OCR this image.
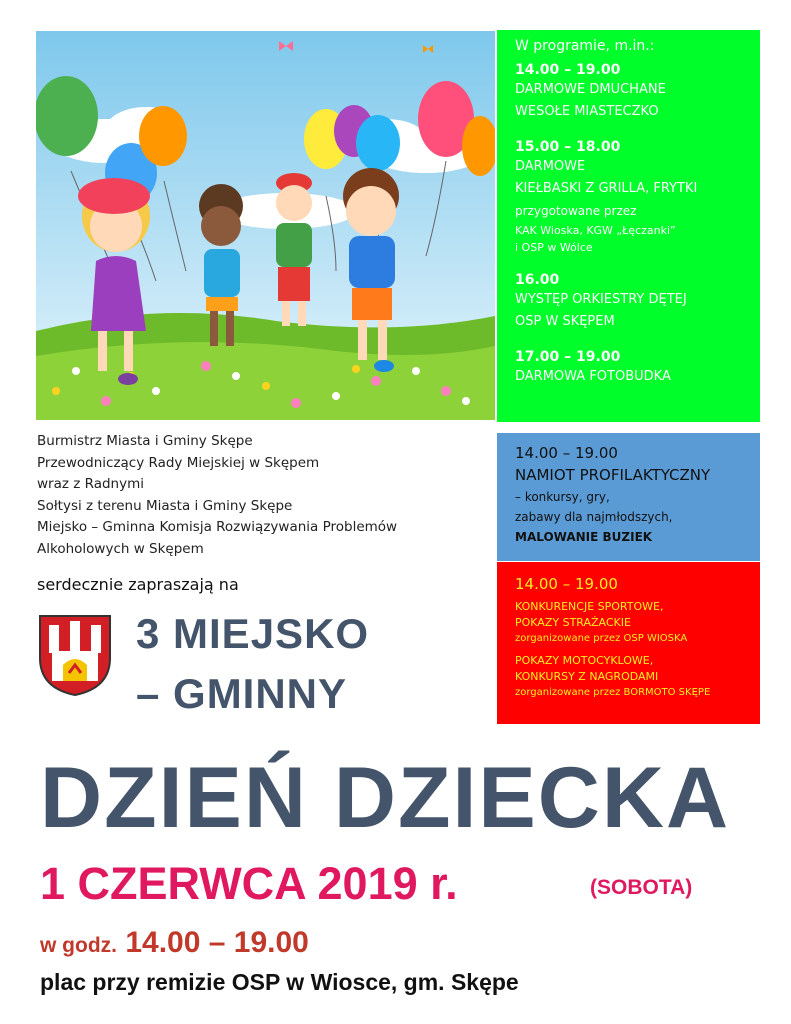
W programie, m.in.:
14.00 – 19.00
DARMOWE DMUCHANE
WESOŁE MIASTECZKO
15.00 – 18.00
DARMOWE
KIEŁBASKI Z GRILLA, FRYTKI
przygotowane przez
KAK Wioska, KGW „Łęczanki”
i OSP w Wólce
16.00
WYSTĘP ORKIESTRY DĘTEJ
OSP W SKĘPEM
17.00 – 19.00
DARMOWA FOTOBUDKA
14.00 – 19.00
NAMIOT PROFILAKTYCZNY
– konkursy, gry,
zabawy dla najmłodszych,
MALOWANIE BUZIEK
14.00 – 19.00
KONKURENCJE SPORTOWE,
POKAZY STRAŻACKIE
zorganizowane przez OSP WIOSKA
POKAZY MOTOCYKLOWE,
KONKURSY Z NAGRODAMI
zorganizowane przez BORMOTO SKĘPE
Burmistrz Miasta i Gminy Skępe
Przewodniczący Rady Miejskiej w Skępem
wraz z Radnymi
Sołtysi z terenu Miasta i Gminy Skępe
Miejsko – Gminna Komisja Rozwiązywania Problemów
Alkoholowych w Skępem
serdecznie zapraszają na
3 MIEJSKO
– GMINNY
DZIEŃ DZIECKA
1 CZERWCA 2019 r.	(SOBOTA)
w godz. 14.00 – 19.00
plac przy remizie OSP w Wiosce, gm. Skępe
